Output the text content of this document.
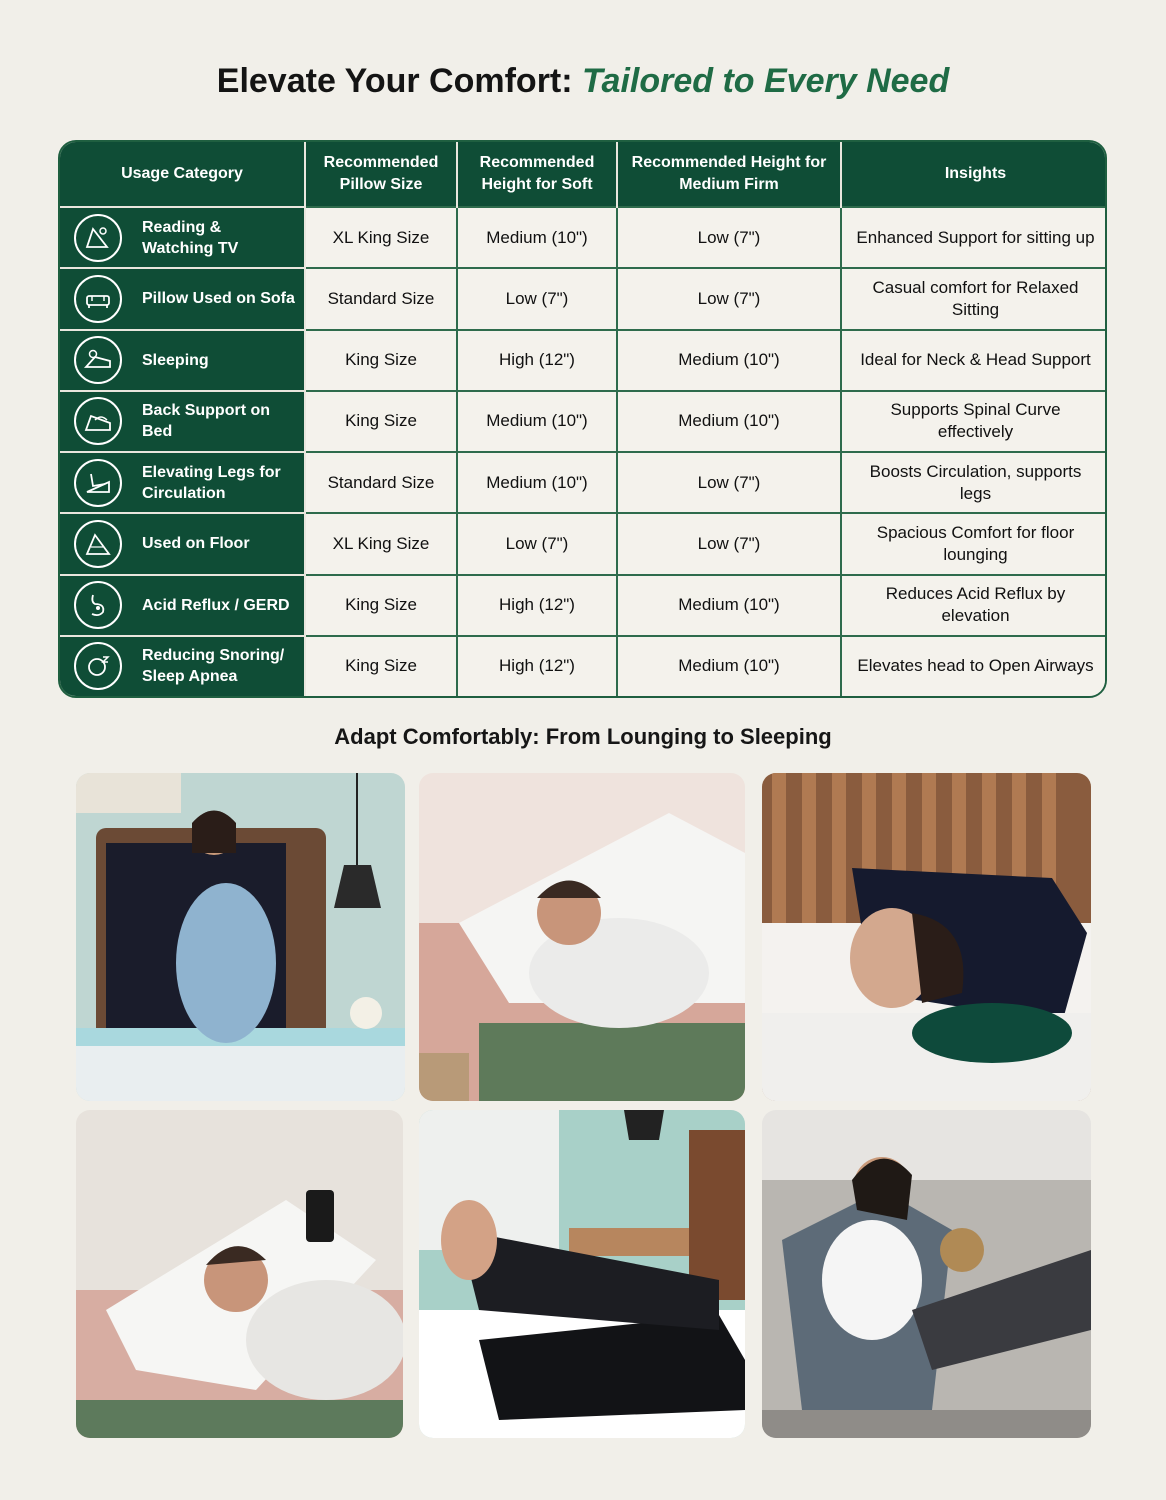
Elevate Your Comfort: Tailored to Every Need
Usage Category	Recommended Pillow Size	Recommended Height for Soft	Recommended Height for Medium Firm	Insights

Reading & Watching TV	XL King Size	Medium (10")	Low (7")	Enhanced Support for sitting up

Pillow Used on Sofa	Standard Size	Low (7")	Low (7")	Casual comfort for Relaxed Sitting

Sleeping	King Size	High (12")	Medium (10")	Ideal for Neck & Head Support

Back Support on Bed	King Size	Medium (10")	Medium (10")	Supports Spinal Curve effectively

Elevating Legs for Circulation	Standard Size	Medium (10")	Low (7")	Boosts Circulation, supports legs

Used on Floor	XL King Size	Low (7")	Low (7")	Spacious Comfort for floor lounging

Acid Reflux / GERD	King Size	High (12")	Medium (10")	Reduces Acid Reflux by elevation

Reducing Snoring/ Sleep Apnea	King Size	High (12")	Medium (10")	Elevates head to Open Airways
Adapt Comfortably: From Lounging to Sleeping
